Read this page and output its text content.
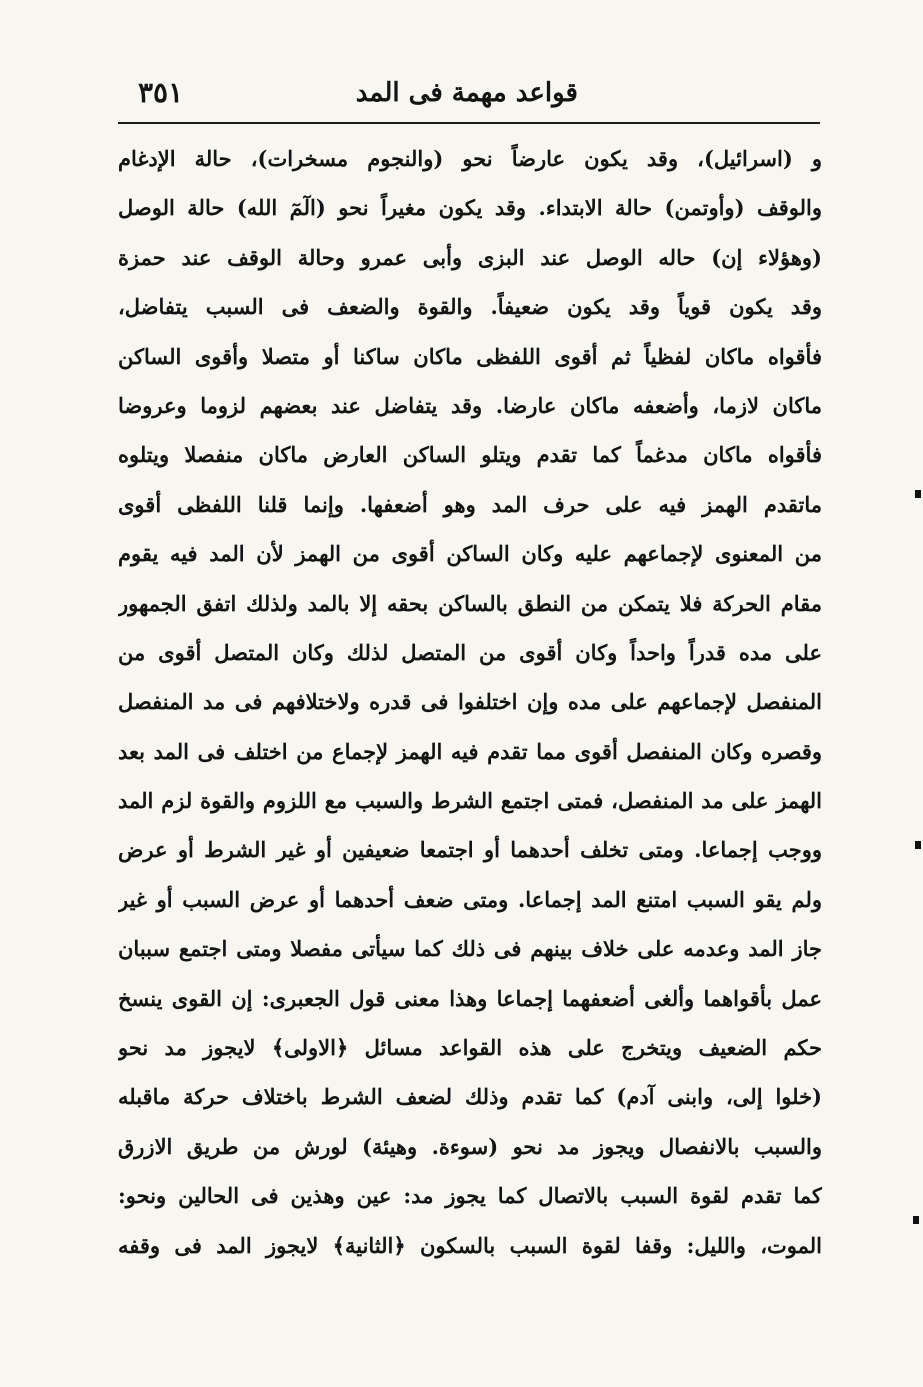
قواعد مهمة فى المد
٣٥١
و (اسرائيل)، وقد يكون عارضاً نحو (والنجوم مسخرات)، حالة الإدغام
والوقف (وأوتمن) حالة الابتداء. وقد يكون مغيراً نحو (الٓمٓ الله) حالة الوصل
(وهؤلاء إن) حاله الوصل عند البزى وأبى عمرو وحالة الوقف عند حمزة
وقد يكون قوياً وقد يكون ضعيفاً. والقوة والضعف فى السبب يتفاضل،
فأقواه ماكان لفظياً ثم أقوى اللفظى ماكان ساكنا أو متصلا وأقوى الساكن
ماكان لازما، وأضعفه ماكان عارضا. وقد يتفاضل عند بعضهم لزوما وعروضا
فأقواه ماكان مدغماً كما تقدم ويتلو الساكن العارض ماكان منفصلا ويتلوه
ماتقدم الهمز فيه على حرف المد وهو أضعفها. وإنما قلنا اللفظى أقوى
من المعنوى لإجماعهم عليه وكان الساكن أقوى من الهمز لأن المد فيه يقوم
مقام الحركة فلا يتمكن من النطق بالساكن بحقه إلا بالمد ولذلك اتفق الجمهور
على مده قدراً واحداً وكان أقوى من المتصل لذلك وكان المتصل أقوى من
المنفصل لإجماعهم على مده وإن اختلفوا فى قدره ولاختلافهم فى مد المنفصل
وقصره وكان المنفصل أقوى مما تقدم فيه الهمز لإجماع من اختلف فى المد بعد
الهمز على مد المنفصل، فمتى اجتمع الشرط والسبب مع اللزوم والقوة لزم المد
ووجب إجماعا. ومتى تخلف أحدهما أو اجتمعا ضعيفين أو غير الشرط أو عرض
ولم يقو السبب امتنع المد إجماعا. ومتى ضعف أحدهما أو عرض السبب أو غير
جاز المد وعدمه على خلاف بينهم فى ذلك كما سيأتى مفصلا ومتى اجتمع سببان
عمل بأقواهما وألغى أضعفهما إجماعا وهذا معنى قول الجعبرى: إن القوى ينسخ
حكم الضعيف ويتخرج على هذه القواعد مسائل ﴿الاولى﴾ لايجوز مد نحو
(خلوا إلى، وابنى آدم) كما تقدم وذلك لضعف الشرط باختلاف حركة ماقبله
والسبب بالانفصال ويجوز مد نحو (سوءة. وهيئة) لورش من طريق الازرق
كما تقدم لقوة السبب بالاتصال كما يجوز مد: عين وهذين فى الحالين ونحو:
الموت، والليل: وقفا لقوة السبب بالسكون ﴿الثانية﴾ لايجوز المد فى وقفه
